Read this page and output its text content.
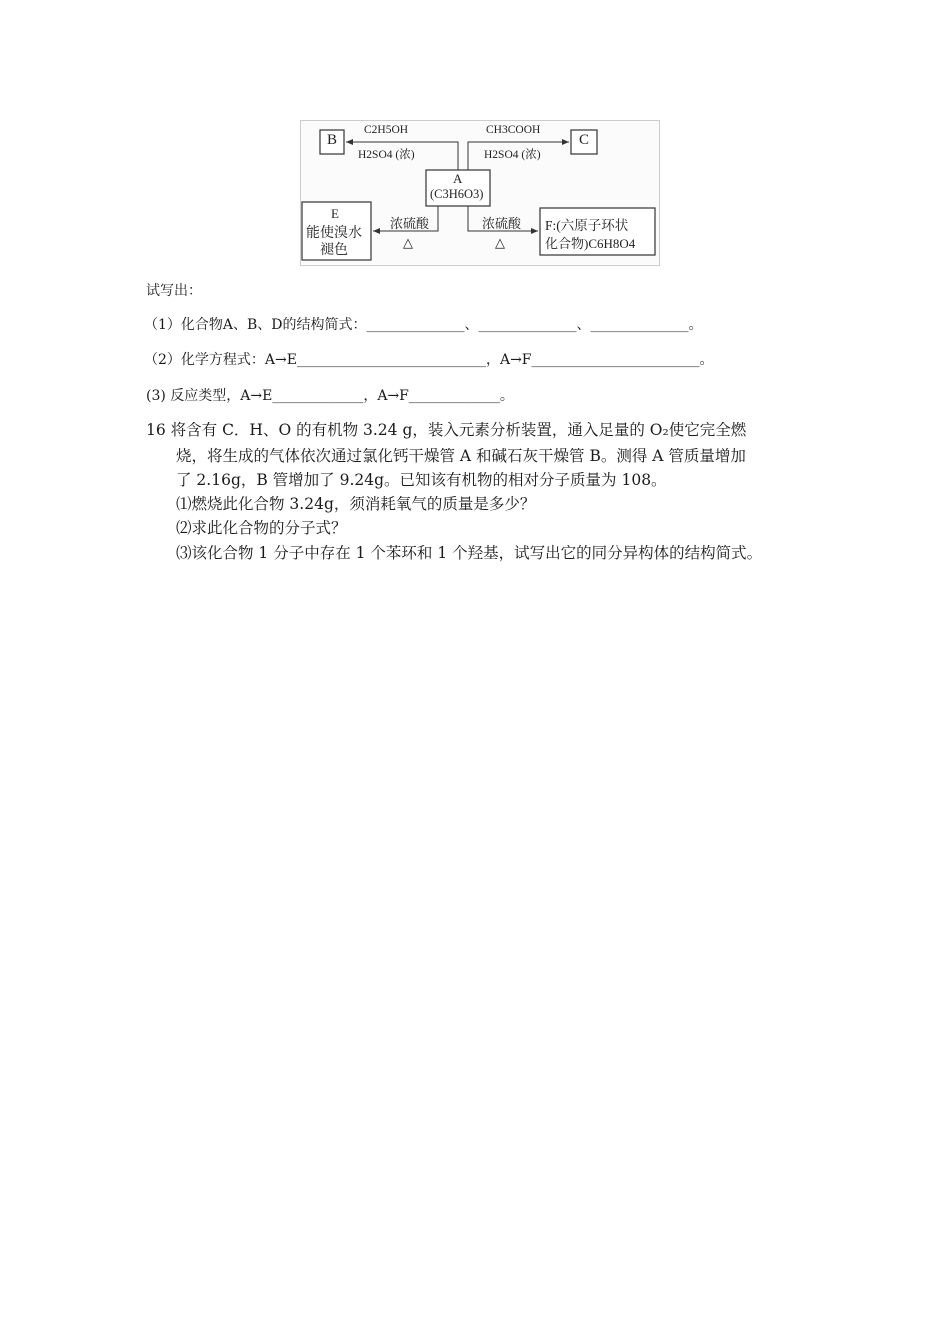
B	C
A
(C3H6O3)
E
能使溴水
褪色
F:(六原子环状
化合物)C6H8O4
C2H5OH
H2SO4 (浓)
CH3COOH
H2SO4 (浓)
浓硫酸
△
浓硫酸
△
试写出：
（1）化合物A、B、D的结构简式：______________、______________、______________。
（2）化学方程式：A→E___________________________，A→F________________________。
(3) 反应类型，A→E_____________，A→F_____________。
16 将含有 C．H、O 的有机物 3.24 g，装入元素分析装置，通入足量的 O₂使它完全燃
烧，将生成的气体依次通过氯化钙干燥管 A 和碱石灰干燥管 B。测得 A 管质量增加
了 2.16g，B 管增加了 9.24g。已知该有机物的相对分子质量为 108。
⑴燃烧此化合物 3.24g，须消耗氧气的质量是多少？
⑵求此化合物的分子式？
⑶该化合物 1 分子中存在 1 个苯环和 1 个羟基，试写出它的同分异构体的结构简式。
